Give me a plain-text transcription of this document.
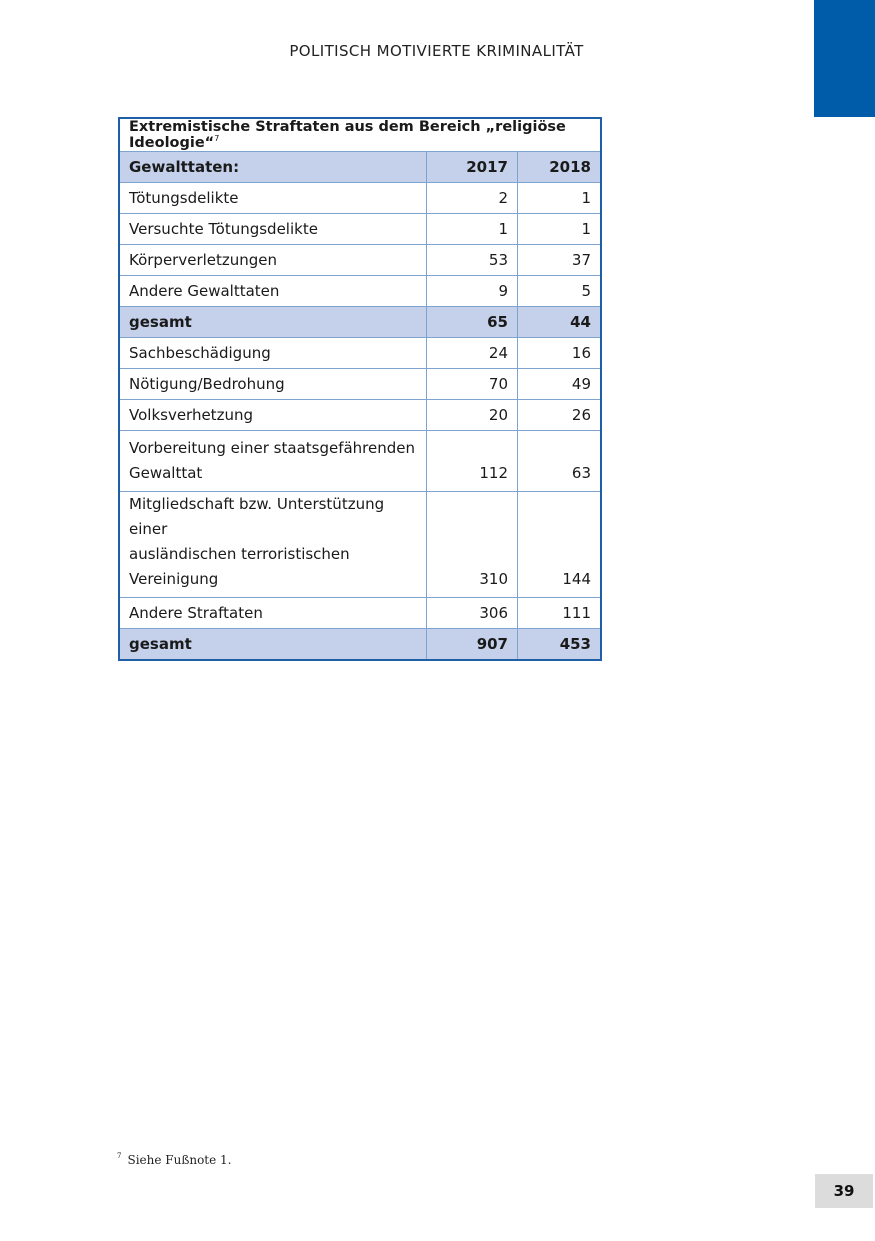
POLITISCH MOTIVIERTE KRIMINALITÄT
Extremistische Straftaten aus dem Bereich „religiöse Ideologie“$^7$
Gewalttaten:	2017	2018
Tötungsdelikte	2	1
Versuchte Tötungsdelikte	1	1
Körperverletzungen	53	37
Andere Gewalttaten	9	5
gesamt	65	44
Sachbeschädigung	24	16
Nötigung/Bedrohung	70	49
Volksverhetzung	20	26
Vorbereitung einer staatsgefährenden
Gewalttat	112	63
Mitgliedschaft bzw. Unterstützung einer
ausländischen terroristischen Vereinigung	310	144
Andere Straftaten	306	111
gesamt	907	453
$^7$ Siehe Fußnote 1.
39
